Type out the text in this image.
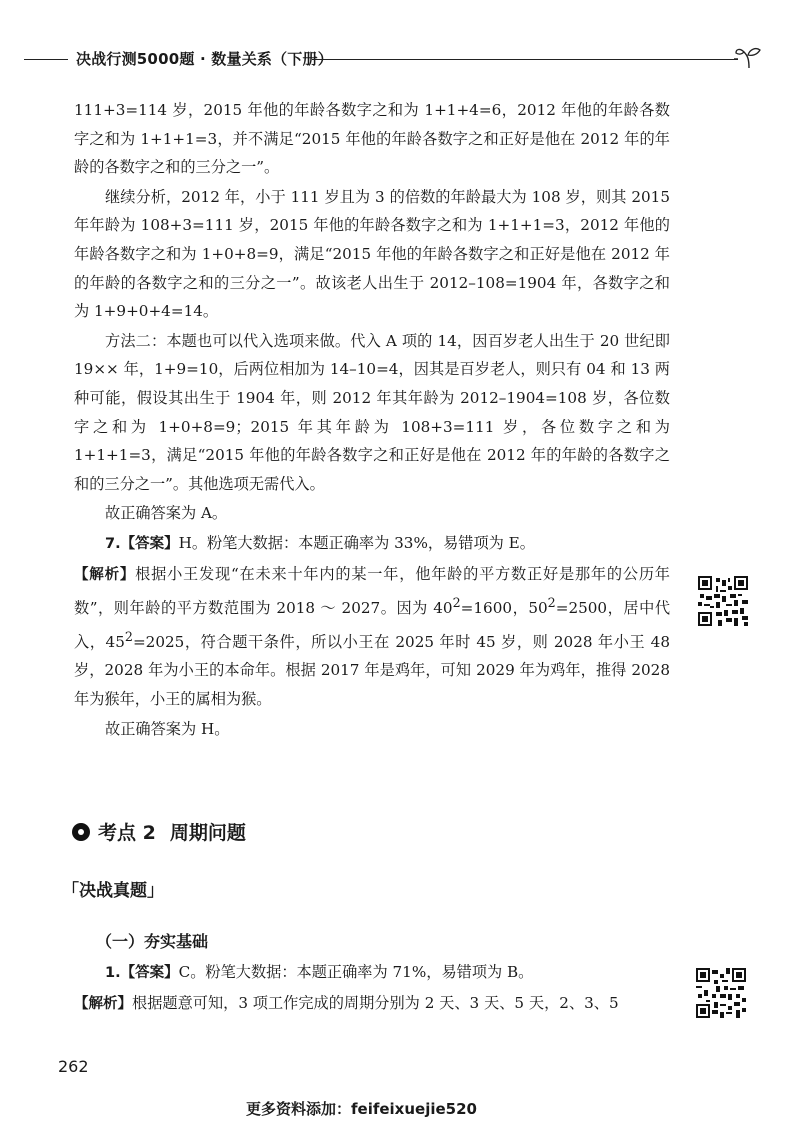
决战行测5000题 · 数量关系（下册）

111+3=114 岁，2015 年他的年龄各数字之和为 1+1+4=6，2012 年他的年龄各数字之和为 1+1+1=3，并不满足“2015 年他的年龄各数字之和正好是他在 2012 年的年龄的各数字之和的三分之一”。

继续分析，2012 年，小于 111 岁且为 3 的倍数的年龄最大为 108 岁，则其 2015 年年龄为 108+3=111 岁，2015 年他的年龄各数字之和为 1+1+1=3，2012 年他的年龄各数字之和为 1+0+8=9，满足“2015 年他的年龄各数字之和正好是他在 2012 年的年龄的各数字之和的三分之一”。故该老人出生于 2012–108=1904 年，各数字之和为 1+9+0+4=14。

方法二：本题也可以代入选项来做。代入 A 项的 14，因百岁老人出生于 20 世纪即 19×× 年，1+9=10，后两位相加为 14–10=4，因其是百岁老人，则只有 04 和 13 两种可能，假设其出生于 1904 年，则 2012 年其年龄为 2012–1904=108 岁，各位数字之和为 1+0+8=9；2015 年其年龄为 108+3=111 岁，各位数字之和为 1+1+1=3，满足“2015 年他的年龄各数字之和正好是他在 2012 年的年龄的各数字之和的三分之一”。其他选项无需代入。

故正确答案为 A。

7.【答案】H。粉笔大数据：本题正确率为 33%，易错项为 E。

【解析】根据小王发现“在未来十年内的某一年，他年龄的平方数正好是那年的公历年数”，则年龄的平方数范围为 2018 ～ 2027。因为 $40^2=1600$，$50^2=2500$，居中代入，$45^2=2025$，符合题干条件，所以小王在 2025 年时 45 岁，则 2028 年小王 48 岁，2028 年为小王的本命年。根据 2017 年是鸡年，可知 2029 年为鸡年，推得 2028 年为猴年，小王的属相为猴。

故正确答案为 H。

考点 2 周期问题
「决战真题」
（一）夯实基础

1.【答案】C。粉笔大数据：本题正确率为 71%，易错项为 B。

【解析】根据题意可知，3 项工作完成的周期分别为 2 天、3 天、5 天，2、3、5

262
更多资料添加：feifeixuejie520
